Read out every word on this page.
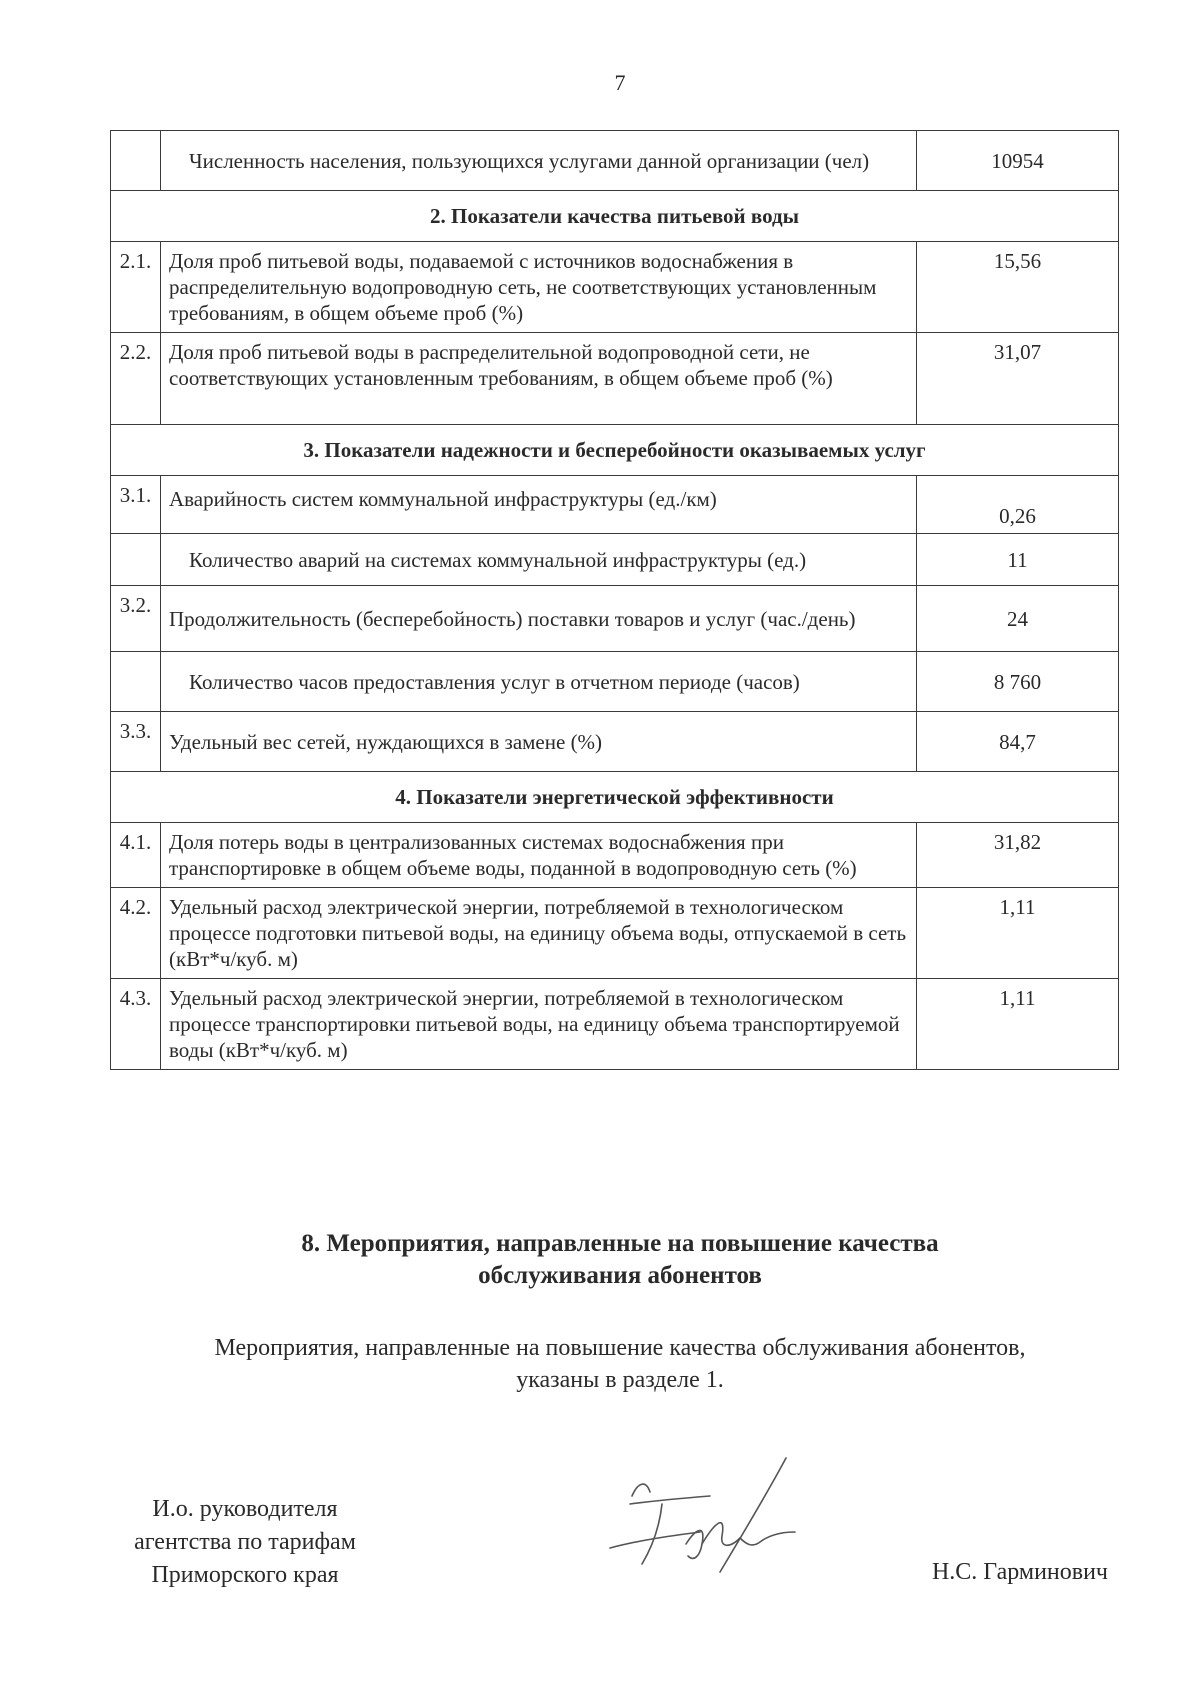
7
	Численность населения, пользующихся услугами данной организации (чел)	10954
2. Показатели качества питьевой воды		
2.1.	Доля проб питьевой воды, подаваемой с источников водоснабжения в распределительную водопроводную сеть, не соответствующих установленным требованиям, в общем объеме проб (%)	15,56
2.2.	Доля проб питьевой воды в распределительной водопроводной сети, не соответствующих установленным требованиям, в общем объеме проб (%)	31,07
3. Показатели надежности и бесперебойности оказываемых услуг		
3.1.	Аварийность систем коммунальной инфраструктуры (ед./км)	0,26
	Количество аварий на системах коммунальной инфраструктуры (ед.)	11
3.2.	Продолжительность (бесперебойность) поставки товаров и услуг (час./день)	24
	Количество часов предоставления услуг в отчетном периоде (часов)	8 760
3.3.	Удельный вес сетей, нуждающихся в замене (%)	84,7
4. Показатели энергетической эффективности		
4.1.	Доля потерь воды в централизованных системах водоснабжения при транспортировке в общем объеме воды, поданной в водопроводную сеть (%)	31,82
4.2.	Удельный расход электрической энергии, потребляемой в технологическом процессе подготовки питьевой воды, на единицу объема воды, отпускаемой в сеть (кВт*ч/куб. м)	1,11
4.3.	Удельный расход электрической энергии, потребляемой в технологическом процессе транспортировки питьевой воды, на единицу объема транспортируемой воды (кВт*ч/куб. м)	1,11
8. Мероприятия, направленные на повышение качества
обслуживания абонентов
Мероприятия, направленные на повышение качества обслуживания абонентов,
указаны в разделе 1.
И.о. руководителя
агентства по тарифам
Приморского края	Н.С. Гарминович
